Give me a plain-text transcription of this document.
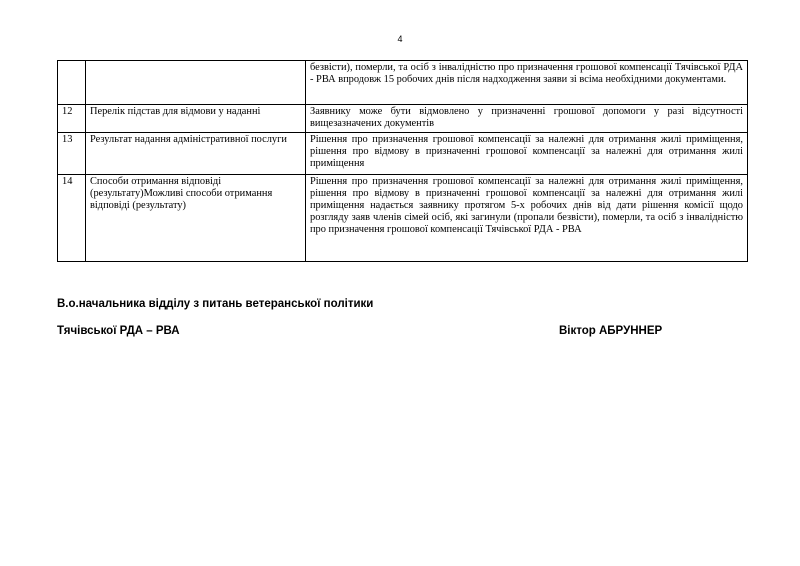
4
		безвісти), померли, та осіб з інвалідністю про призначення грошової компенсації Тячівської РДА - РВА впродовж 15 робочих днів після надходження заяви зі всіма необхідними документами.
12	Перелік підстав для відмови у наданні	Заявнику може бути відмовлено у призначенні грошової допомоги у разі відсутності вищезазначених документів
13	Результат надання адміністративної послуги	Рішення про призначення грошової компенсації за належні для отримання жилі приміщення, рішення про відмову в призначенні грошової компенсації за належні для отримання жилі приміщення
14	Способи отримання відповіді (результату)Можливі способи отримання відповіді (результату)	Рішення про призначення грошової компенсації за належні для отримання жилі приміщення, рішення про відмову в призначенні грошової компенсації за належні для отримання жилі приміщення надається заявнику протягом 5-х робочих днів від дати рішення комісії щодо розгляду заяв членів сімей осіб, які загинули (пропали безвісти), померли, та осіб з інвалідністю про призначення грошової компенсації Тячівської РДА - РВА
В.о.начальника відділу з питань ветеранської політики
Тячівської РДА – РВА	Віктор АБРУННЕР
